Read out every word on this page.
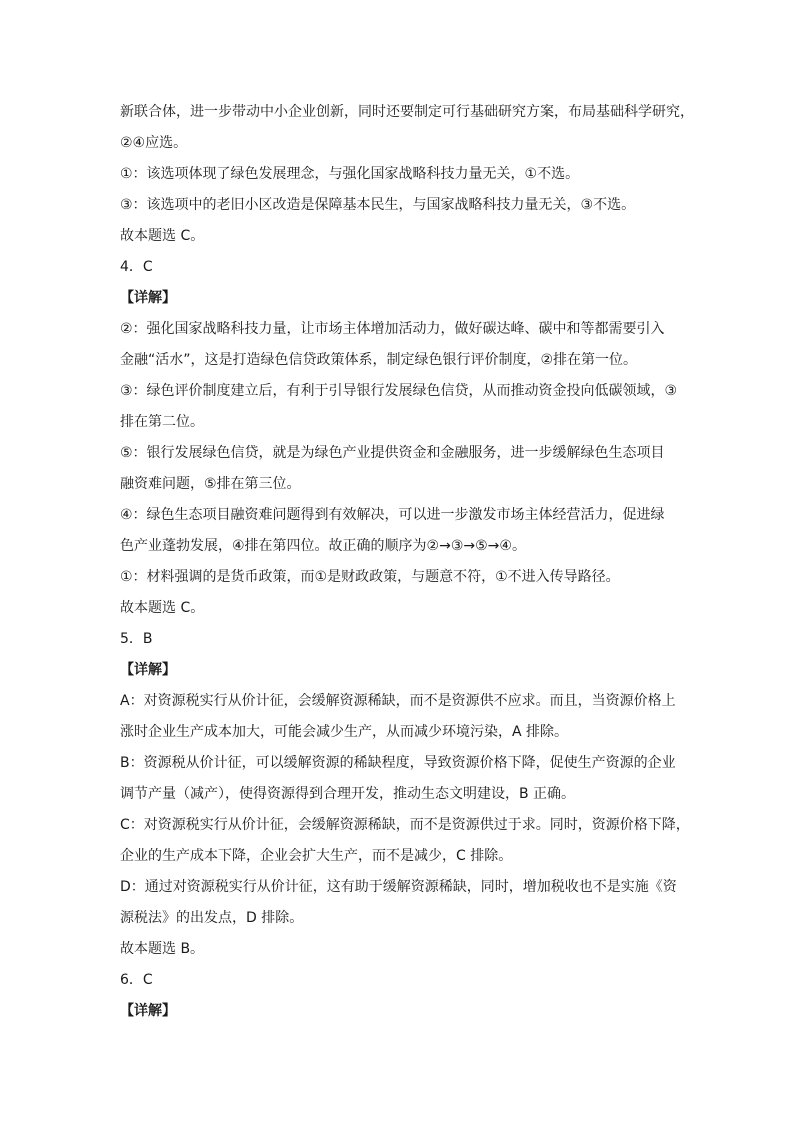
新联合体，进一步带动中小企业创新，同时还要制定可行基础研究方案，布局基础科学研究，
②④应选。
①：该选项体现了绿色发展理念，与强化国家战略科技力量无关，①不选。
③：该选项中的老旧小区改造是保障基本民生，与国家战略科技力量无关，③不选。
故本题选 C。
4．C
【详解】
②：强化国家战略科技力量，让市场主体增加活动力，做好碳达峰、碳中和等都需要引入
金融“活水”，这是打造绿色信贷政策体系，制定绿色银行评价制度，②排在第一位。
③：绿色评价制度建立后，有利于引导银行发展绿色信贷，从而推动资金投向低碳领域，③
排在第二位。
⑤：银行发展绿色信贷，就是为绿色产业提供资金和金融服务，进一步缓解绿色生态项目
融资难问题，⑤排在第三位。
④：绿色生态项目融资难问题得到有效解决，可以进一步激发市场主体经营活力，促进绿
色产业蓬勃发展，④排在第四位。故正确的顺序为②→③→⑤→④。
①：材料强调的是货币政策，而①是财政政策，与题意不符，①不进入传导路径。
故本题选 C。
5．B
【详解】
A：对资源税实行从价计征，会缓解资源稀缺，而不是资源供不应求。而且，当资源价格上
涨时企业生产成本加大，可能会减少生产，从而减少环境污染，A 排除。
B：资源税从价计征，可以缓解资源的稀缺程度，导致资源价格下降，促使生产资源的企业
调节产量（减产），使得资源得到合理开发，推动生态文明建设，B 正确。
C：对资源税实行从价计征，会缓解资源稀缺，而不是资源供过于求。同时，资源价格下降，
企业的生产成本下降，企业会扩大生产，而不是减少，C 排除。
D：通过对资源税实行从价计征，这有助于缓解资源稀缺，同时，增加税收也不是实施《资
源税法》的出发点，D 排除。
故本题选 B。
6．C
【详解】
